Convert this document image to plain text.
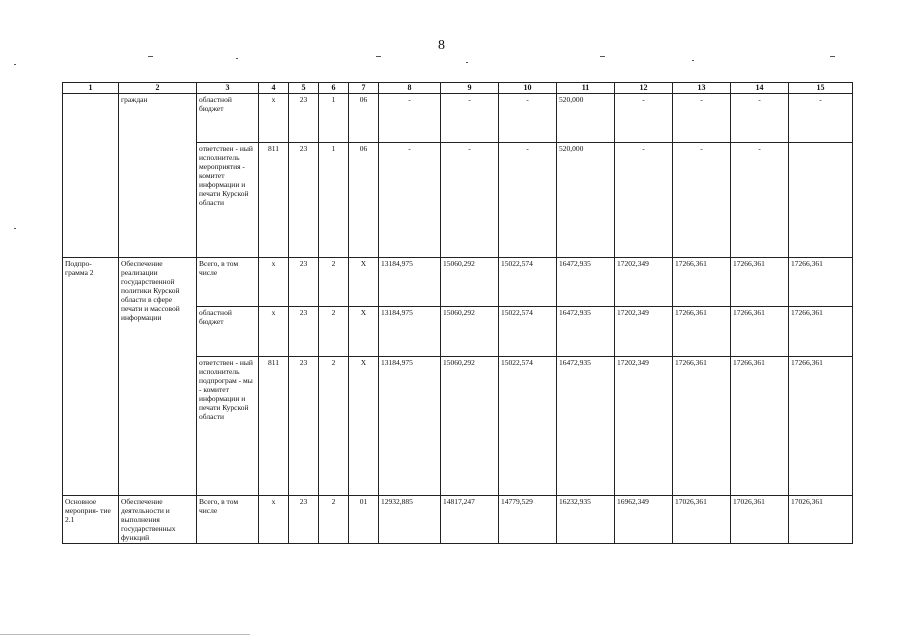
8
1	2	3	4	5	6	7	8	9	10	11	12	13	14	15
	граждан	областной бюджет	х	23	1	06	-	-	-	520,000	-	-	-	-
		ответствен - ный исполнитель мероприятия - комитет информации и печати Курской области	811	23	1	06	-	-	-	520,000	-	-	-	
Подпро- грамма 2	Обеспечение реализации государственной политики Курской области в сфере печати и массовой информации	Всего, в том числе	х	23	2	Х	13184,975	15060,292	15022,574	16472,935	17202,349	17266,361	17266,361	17266,361
		областной бюджет	х	23	2	Х	13184,975	15060,292	15022,574	16472,935	17202,349	17266,361	17266,361	17266,361
		ответствен - ный исполнитель подпрограм - мы - комитет информации и печати Курской области	811	23	2	Х	13184,975	15060,292	15022,574	16472,935	17202,349	17266,361	17266,361	17266,361
Основное мероприя- тие 2.1	Обеспечение деятельности и выполнения государственных функций	Всего, в том числе	х	23	2	01	12932,885	14817,247	14779,529	16232,935	16962,349	17026,361	17026,361	17026,361
